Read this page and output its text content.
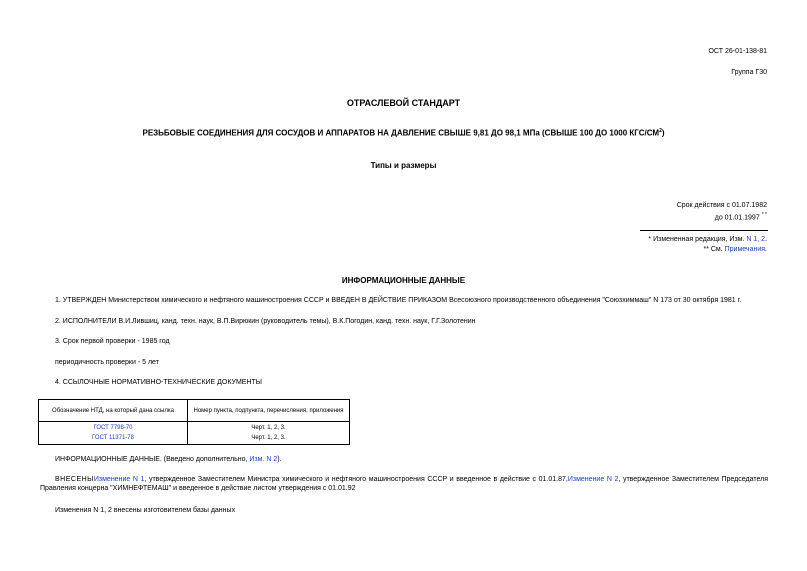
ОСТ 26-01-138-81
Группа Г30
ОТРАСЛЕВОЙ СТАНДАРТ
РЕЗЬБОВЫЕ СОЕДИНЕНИЯ ДЛЯ СОСУДОВ И АППАРАТОВ НА ДАВЛЕНИЕ СВЫШЕ 9,81 ДО 98,1 МПа (СВЫШЕ 100 ДО 1000 КГС/$СМ^2$)
Типы и размеры
Срок действия с 01.07.1982
до 01.01.1997 * *
* Измененная редакция, Изм. N 1, 2.
** См. Примечания.
ИНФОРМАЦИОННЫЕ ДАННЫЕ
1. УТВЕРЖДЕН Министерством химического и нефтяного машиностроения СССР и ВВЕДЕН В ДЕЙСТВИЕ ПРИКАЗОМ Всесоюзного производственного объединения "Союзхиммаш" N 173 от 30 октября 1981 г.
2. ИСПОЛНИТЕЛИ В.И.Лившиц, канд. техн. наук, В.П.Вирюкин (руководитель темы), В.К.Погодин, канд. техн. наук, Г.Г.Золотенин
3. Срок первой проверки - 1985 год
периодичность проверки - 5 лет
4. ССЫЛОЧНЫЕ НОРМАТИВНО-ТЕХНИЧЕСКИЕ ДОКУМЕНТЫ
Обозначение НТД, на который дана ссылка	Номер пункта, подпункта, перечисления, приложения
ГОСТ 7798-70	Черт. 1, 2, 3.
ГОСТ 11371-78	Черт. 1, 2, 3.
ИНФОРМАЦИОННЫЕ ДАННЫЕ. (Введено дополнительно, Изм. N 2).
ВНЕСЕНЫИзменение N 1, утвержденное Заместителем Министра химического и нефтяного машиностроения СССР и введенное в действие с 01.01.87,Изменение N 2, утвержденное Заместителем Председателя Правления концерна "ХИМНЕФТЕМАШ" и введенное в действие листом утверждения с 01.01.92
Изменения N 1, 2 внесены изготовителем базы данных
